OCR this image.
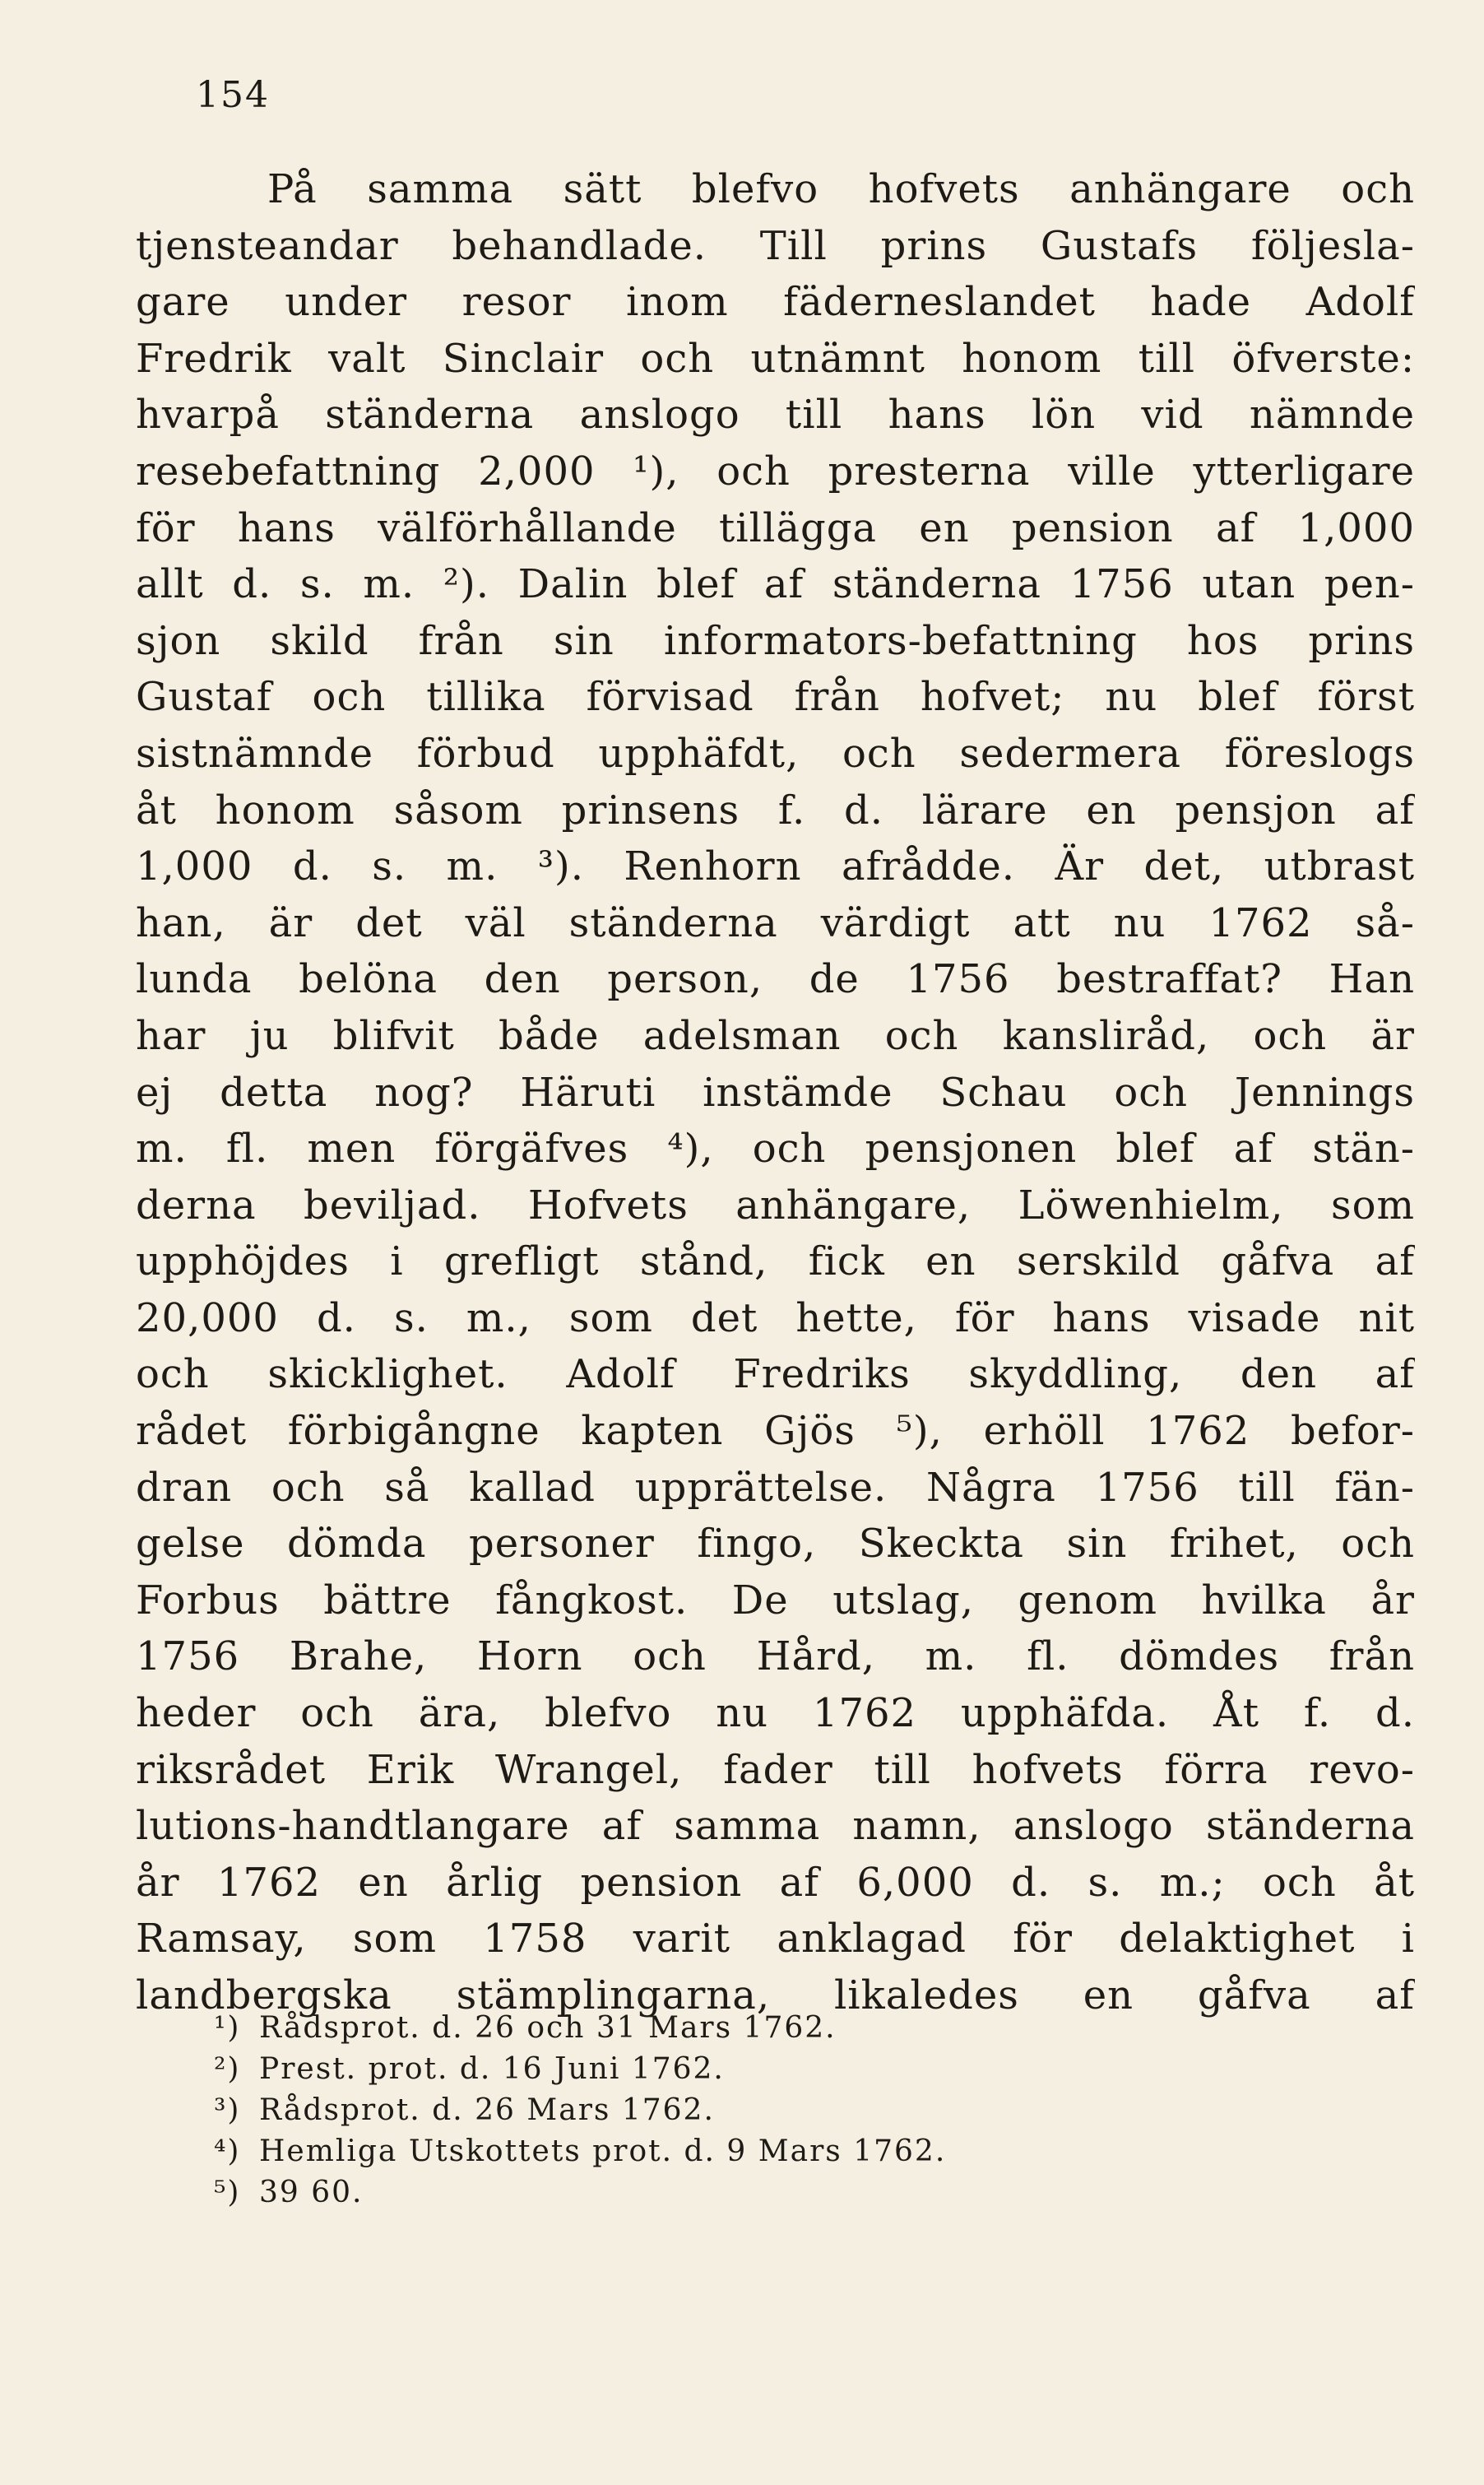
154
På samma sätt blefvo hofvets anhängare och
tjensteandar behandlade. Till prins Gustafs följesla-
gare under resor inom fäderneslandet hade Adolf
Fredrik valt Sinclair och utnämnt honom till öfverste:
hvarpå ständerna anslogo till hans lön vid nämnde
resebefattning 2,000 ¹), och presterna ville ytterligare
för hans välförhållande tillägga en pension af 1,000
allt d. s. m. ²). Dalin blef af ständerna 1756 utan pen-
sjon skild från sin informators-befattning hos prins
Gustaf och tillika förvisad från hofvet; nu blef först
sistnämnde förbud upphäfdt, och sedermera föreslogs
åt honom såsom prinsens f. d. lärare en pensjon af
1,000 d. s. m. ³). Renhorn afrådde. Är det, utbrast
han, är det väl ständerna värdigt att nu 1762 så-
lunda belöna den person, de 1756 bestraffat? Han
har ju blifvit både adelsman och kansliråd, och är
ej detta nog? Häruti instämde Schau och Jennings
m. fl. men förgäfves ⁴), och pensjonen blef af stän-
derna beviljad. Hofvets anhängare, Löwenhielm, som
upphöjdes i grefligt stånd, fick en serskild gåfva af
20,000 d. s. m., som det hette, för hans visade nit
och skicklighet. Adolf Fredriks skyddling, den af
rådet förbigångne kapten Gjös ⁵), erhöll 1762 befor-
dran och så kallad upprättelse. Några 1756 till fän-
gelse dömda personer fingo, Skeckta sin frihet, och
Forbus bättre fångkost. De utslag, genom hvilka år
1756 Brahe, Horn och Hård, m. fl. dömdes från
heder och ära, blefvo nu 1762 upphäfda. Åt f. d.
riksrådet Erik Wrangel, fader till hofvets förra revo-
lutions-handtlangare af samma namn, anslogo ständerna
år 1762 en årlig pension af 6,000 d. s. m.; och åt
Ramsay, som 1758 varit anklagad för delaktighet i
landbergska stämplingarna, likaledes en gåfva af
¹) Rådsprot. d. 26 och 31 Mars 1762.
²) Prest. prot. d. 16 Juni 1762.
³) Rådsprot. d. 26 Mars 1762.
⁴) Hemliga Utskottets prot. d. 9 Mars 1762.
⁵) 39 60.
